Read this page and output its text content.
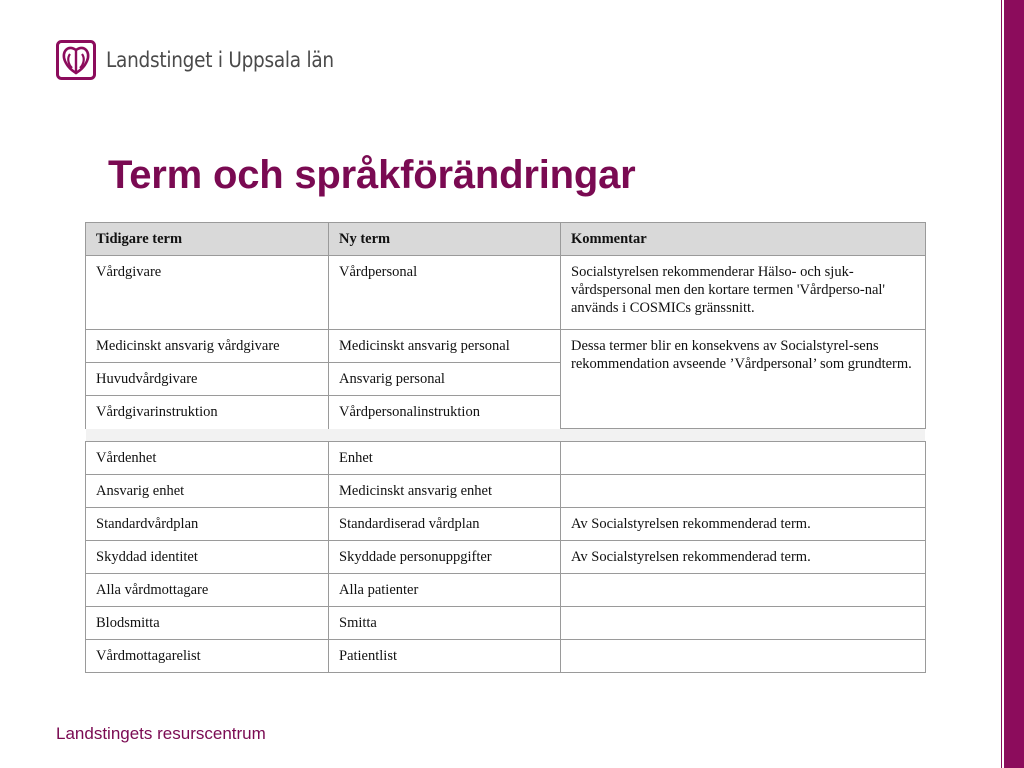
Landstinget i Uppsala län
Term och språkförändringar
Tidigare term	Ny term	Kommentar
Vårdgivare	Vårdpersonal	Socialstyrelsen rekommenderar Hälso- och sjuk-vårdspersonal men den kortare termen 'Vårdperso-nal' används i COSMICs gränssnitt.
Medicinskt ansvarig vårdgivare	Medicinskt ansvarig personal	Dessa termer blir en konsekvens av Socialstyrel-sens rekommendation avseende ’Vårdpersonal’ som grundterm.
Huvudvårdgivare	Ansvarig personal	
Vårdgivarinstruktion	Vårdpersonalinstruktion	
Vårdenhet	Enhet	
Ansvarig enhet	Medicinskt ansvarig enhet	
Standardvårdplan	Standardiserad vårdplan	Av Socialstyrelsen rekommenderad term.
Skyddad identitet	Skyddade personuppgifter	Av Socialstyrelsen rekommenderad term.
Alla vårdmottagare	Alla patienter	
Blodsmitta	Smitta	
Vårdmottagarelist	Patientlist	
Landstingets resurscentrum
